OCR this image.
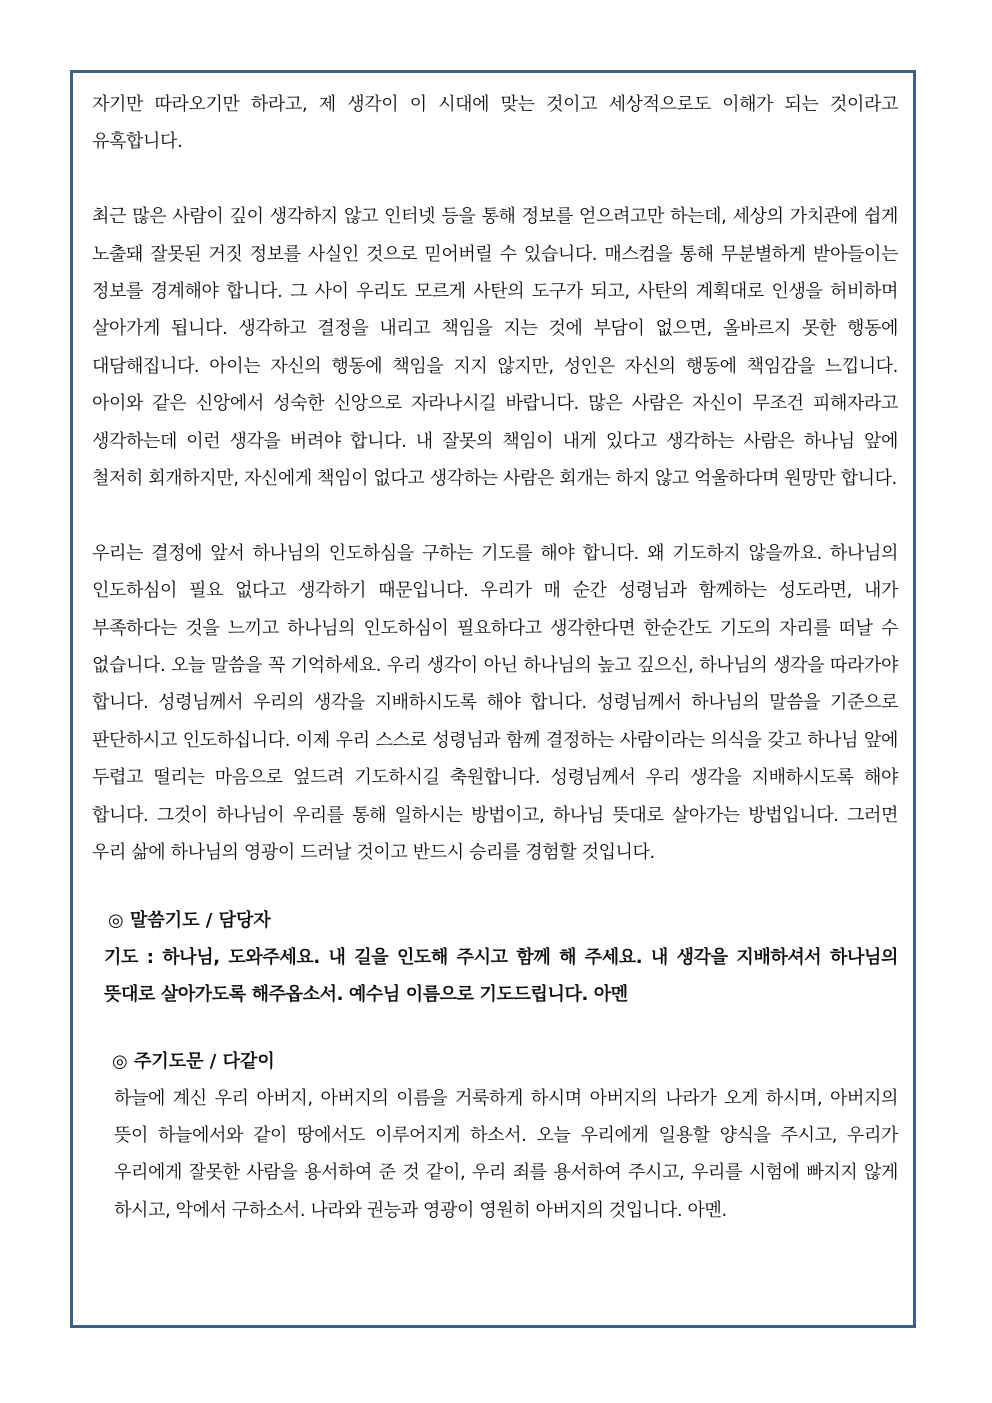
자기만 따라오기만 하라고, 제 생각이 이 시대에 맞는 것이고 세상적으로도 이해가 되는 것이라고 유혹합니다.

최근 많은 사람이 깊이 생각하지 않고 인터넷 등을 통해 정보를 얻으려고만 하는데, 세상의 가치관에 쉽게 노출돼 잘못된 거짓 정보를 사실인 것으로 믿어버릴 수 있습니다. 매스컴을 통해 무분별하게 받아들이는 정보를 경계해야 합니다. 그 사이 우리도 모르게 사탄의 도구가 되고, 사탄의 계획대로 인생을 허비하며 살아가게 됩니다. 생각하고 결정을 내리고 책임을 지는 것에 부담이 없으면, 올바르지 못한 행동에 대담해집니다. 아이는 자신의 행동에 책임을 지지 않지만, 성인은 자신의 행동에 책임감을 느낍니다. 아이와 같은 신앙에서 성숙한 신앙으로 자라나시길 바랍니다. 많은 사람은 자신이 무조건 피해자라고 생각하는데 이런 생각을 버려야 합니다. 내 잘못의 책임이 내게 있다고 생각하는 사람은 하나님 앞에 철저히 회개하지만, 자신에게 책임이 없다고 생각하는 사람은 회개는 하지 않고 억울하다며 원망만 합니다.

우리는 결정에 앞서 하나님의 인도하심을 구하는 기도를 해야 합니다. 왜 기도하지 않을까요. 하나님의 인도하심이 필요 없다고 생각하기 때문입니다. 우리가 매 순간 성령님과 함께하는 성도라면, 내가 부족하다는 것을 느끼고 하나님의 인도하심이 필요하다고 생각한다면 한순간도 기도의 자리를 떠날 수 없습니다. 오늘 말씀을 꼭 기억하세요. 우리 생각이 아닌 하나님의 높고 깊으신, 하나님의 생각을 따라가야 합니다. 성령님께서 우리의 생각을 지배하시도록 해야 합니다. 성령님께서 하나님의 말씀을 기준으로 판단하시고 인도하십니다. 이제 우리 스스로 성령님과 함께 결정하는 사람이라는 의식을 갖고 하나님 앞에 두렵고 떨리는 마음으로 엎드려 기도하시길 축원합니다. 성령님께서 우리 생각을 지배하시도록 해야 합니다. 그것이 하나님이 우리를 통해 일하시는 방법이고, 하나님 뜻대로 살아가는 방법입니다. 그러면 우리 삶에 하나님의 영광이 드러날 것이고 반드시 승리를 경험할 것입니다.

◎ 말씀기도 / 담당자

기도 : 하나님, 도와주세요. 내 길을 인도해 주시고 함께 해 주세요. 내 생각을 지배하셔서 하나님의 뜻대로 살아가도록 해주옵소서. 예수님 이름으로 기도드립니다. 아멘

◎ 주기도문 / 다같이

하늘에 계신 우리 아버지, 아버지의 이름을 거룩하게 하시며 아버지의 나라가 오게 하시며, 아버지의 뜻이 하늘에서와 같이 땅에서도 이루어지게 하소서. 오늘 우리에게 일용할 양식을 주시고, 우리가 우리에게 잘못한 사람을 용서하여 준 것 같이, 우리 죄를 용서하여 주시고, 우리를 시험에 빠지지 않게 하시고, 악에서 구하소서. 나라와 권능과 영광이 영원히 아버지의 것입니다. 아멘.
